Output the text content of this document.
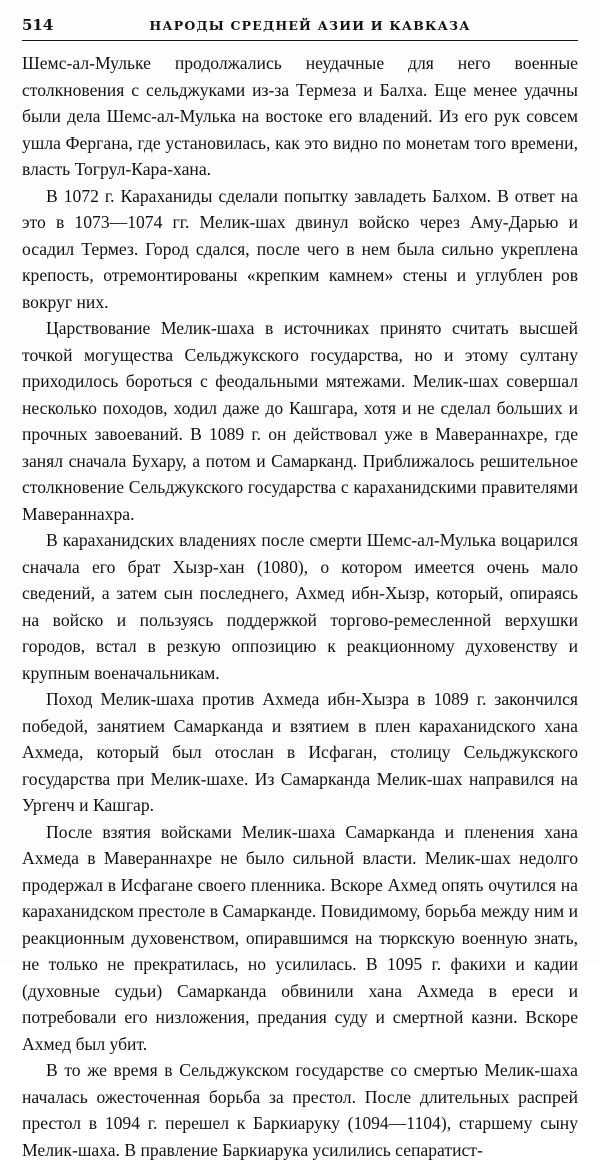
514	НАРОДЫ СРЕДНЕЙ АЗИИ И КАВКАЗА

Шемс-ал-Мульке продолжались неудачные для него военные столкновения с сельджуками из-за Термеза и Балха. Еще менее удачны были дела Шемс-ал-Мулька на востоке его владений. Из его рук совсем ушла Фергана, где установилась, как это видно по монетам того времени, власть Тогрул-Кара-хана.

В 1072 г. Караханиды сделали попытку завладеть Балхом. В ответ на это в 1073—1074 гг. Мелик-шах двинул войско через Аму-Дарью и осадил Термез. Город сдался, после чего в нем была сильно укреплена крепость, отремонтированы «крепким камнем» стены и углублен ров вокруг них.

Царствование Мелик-шаха в источниках принято считать высшей точкой могущества Сельджукского государства, но и этому султану приходилось бороться с феодальными мятежами. Мелик-шах совершал несколько походов, ходил даже до Кашгара, хотя и не сделал больших и прочных завоеваний. В 1089 г. он действовал уже в Мавераннахре, где занял сначала Бухару, а потом и Самарканд. Приближалось решительное столкновение Сельджукского государства с караханидскими правителями Мавераннахра.

В караханидских владениях после смерти Шемс-ал-Мулька воцарился сначала его брат Хызр-хан (1080), о котором имеется очень мало сведений, а затем сын последнего, Ахмед ибн-Хызр, который, опираясь на войско и пользуясь поддержкой торгово-ремесленной верхушки городов, встал в резкую оппозицию к реакционному духовенству и крупным военачальникам.

Поход Мелик-шаха против Ахмеда ибн-Хызра в 1089 г. закончился победой, занятием Самарканда и взятием в плен караханидского хана Ахмеда, который был отослан в Исфаган, столицу Сельджукского государства при Мелик-шахе. Из Самарканда Мелик-шах направился на Ургенч и Кашгар.

После взятия войсками Мелик-шаха Самарканда и пленения хана Ахмеда в Мавераннахре не было сильной власти. Мелик-шах недолго продержал в Исфагане своего пленника. Вскоре Ахмед опять очутился на караханидском престоле в Самарканде. Повидимому, борьба между ним и реакционным духовенством, опиравшимся на тюркскую военную знать, не только не прекратилась, но усилилась. В 1095 г. факихи и кадии (духовные судьи) Самарканда обвинили хана Ахмеда в ереси и потребовали его низложения, предания суду и смертной казни. Вскоре Ахмед был убит.

В то же время в Сельджукском государстве со смертью Мелик-шаха началась ожесточенная борьба за престол. После длительных распрей престол в 1094 г. перешел к Баркиаруку (1094—1104), старшему сыну Мелик-шаха. В правление Баркиарука усилились сепаратист-
